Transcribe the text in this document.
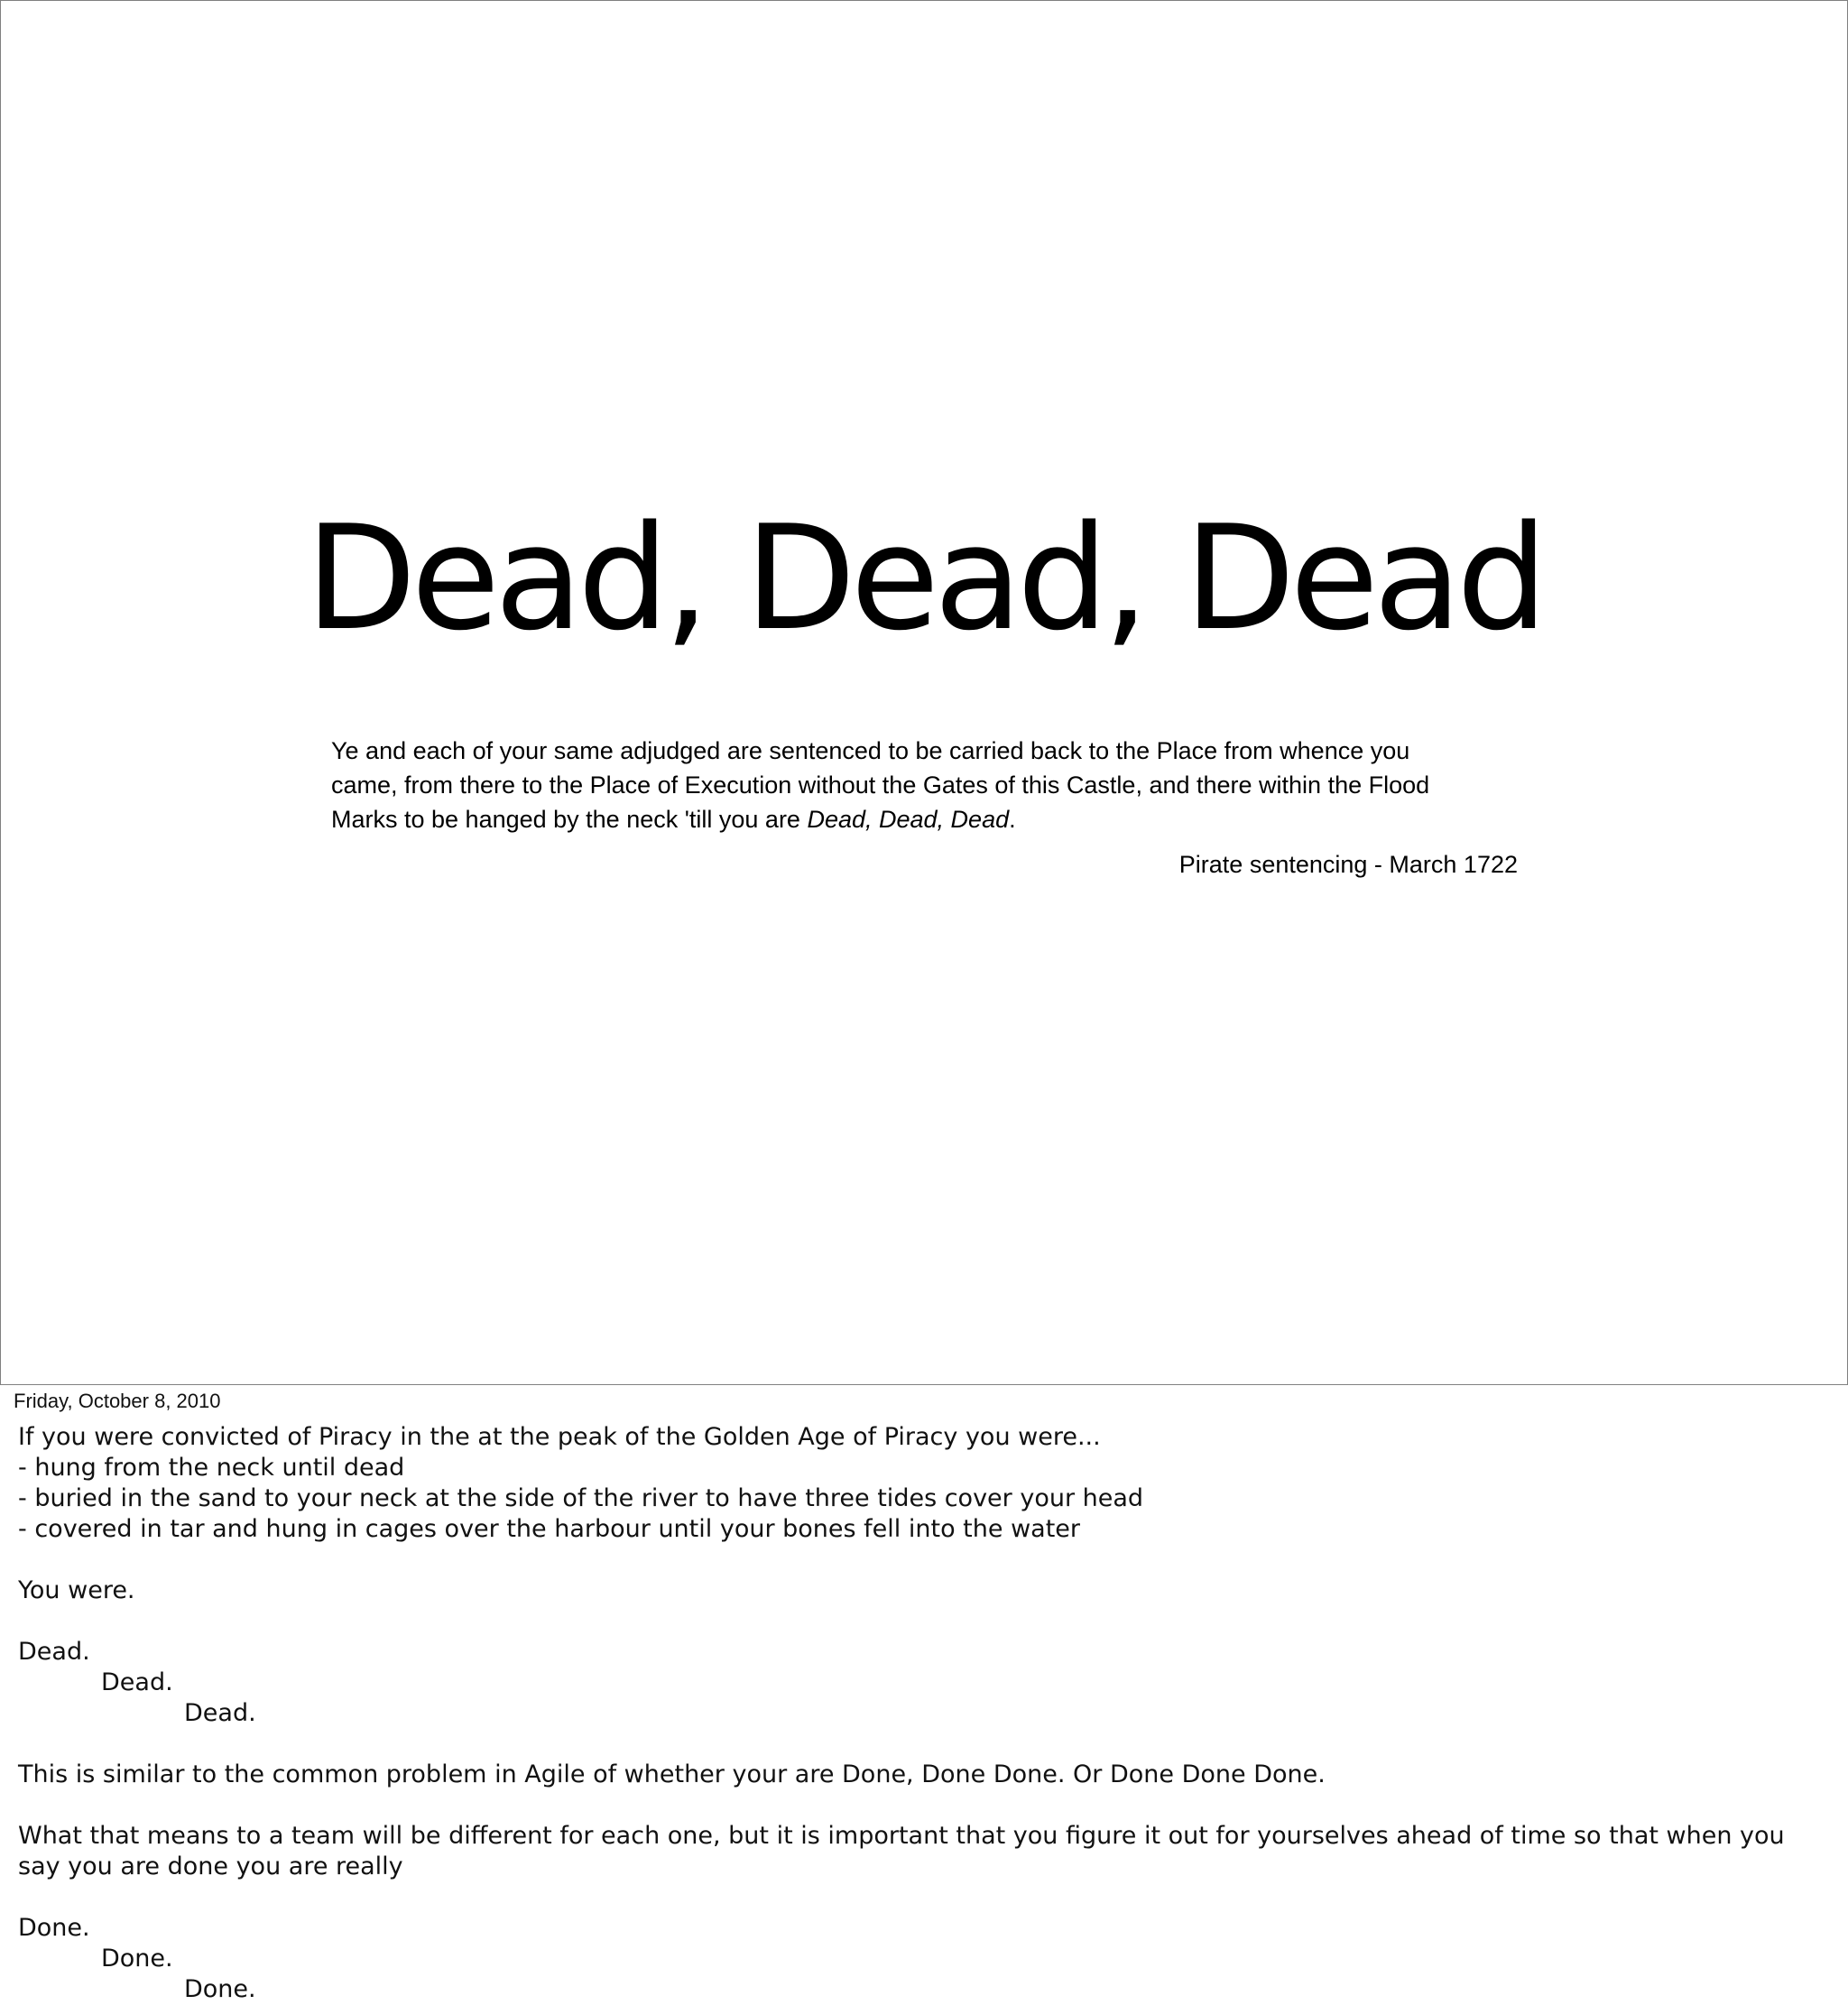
Dead, Dead, Dead
Ye and each of your same adjudged are sentenced to be carried back to the Place from whence you
came, from there to the Place of Execution without the Gates of this Castle, and there within the Flood
Marks to be hanged by the neck 'till you are Dead, Dead, Dead.
Pirate sentencing - March 1722
Friday, October 8, 2010
If you were convicted of Piracy in the at the peak of the Golden Age of Piracy you were...
- hung from the neck until dead
- buried in the sand to your neck at the side of the river to have three tides cover your head
- covered in tar and hung in cages over the harbour until your bones fell into the water
You were.
Dead.
Dead.
Dead.
This is similar to the common problem in Agile of whether your are Done, Done Done. Or Done Done Done.
What that means to a team will be different for each one, but it is important that you figure it out for yourselves ahead of time so that when you say you are done you are really
Done.
Done.
Done.
